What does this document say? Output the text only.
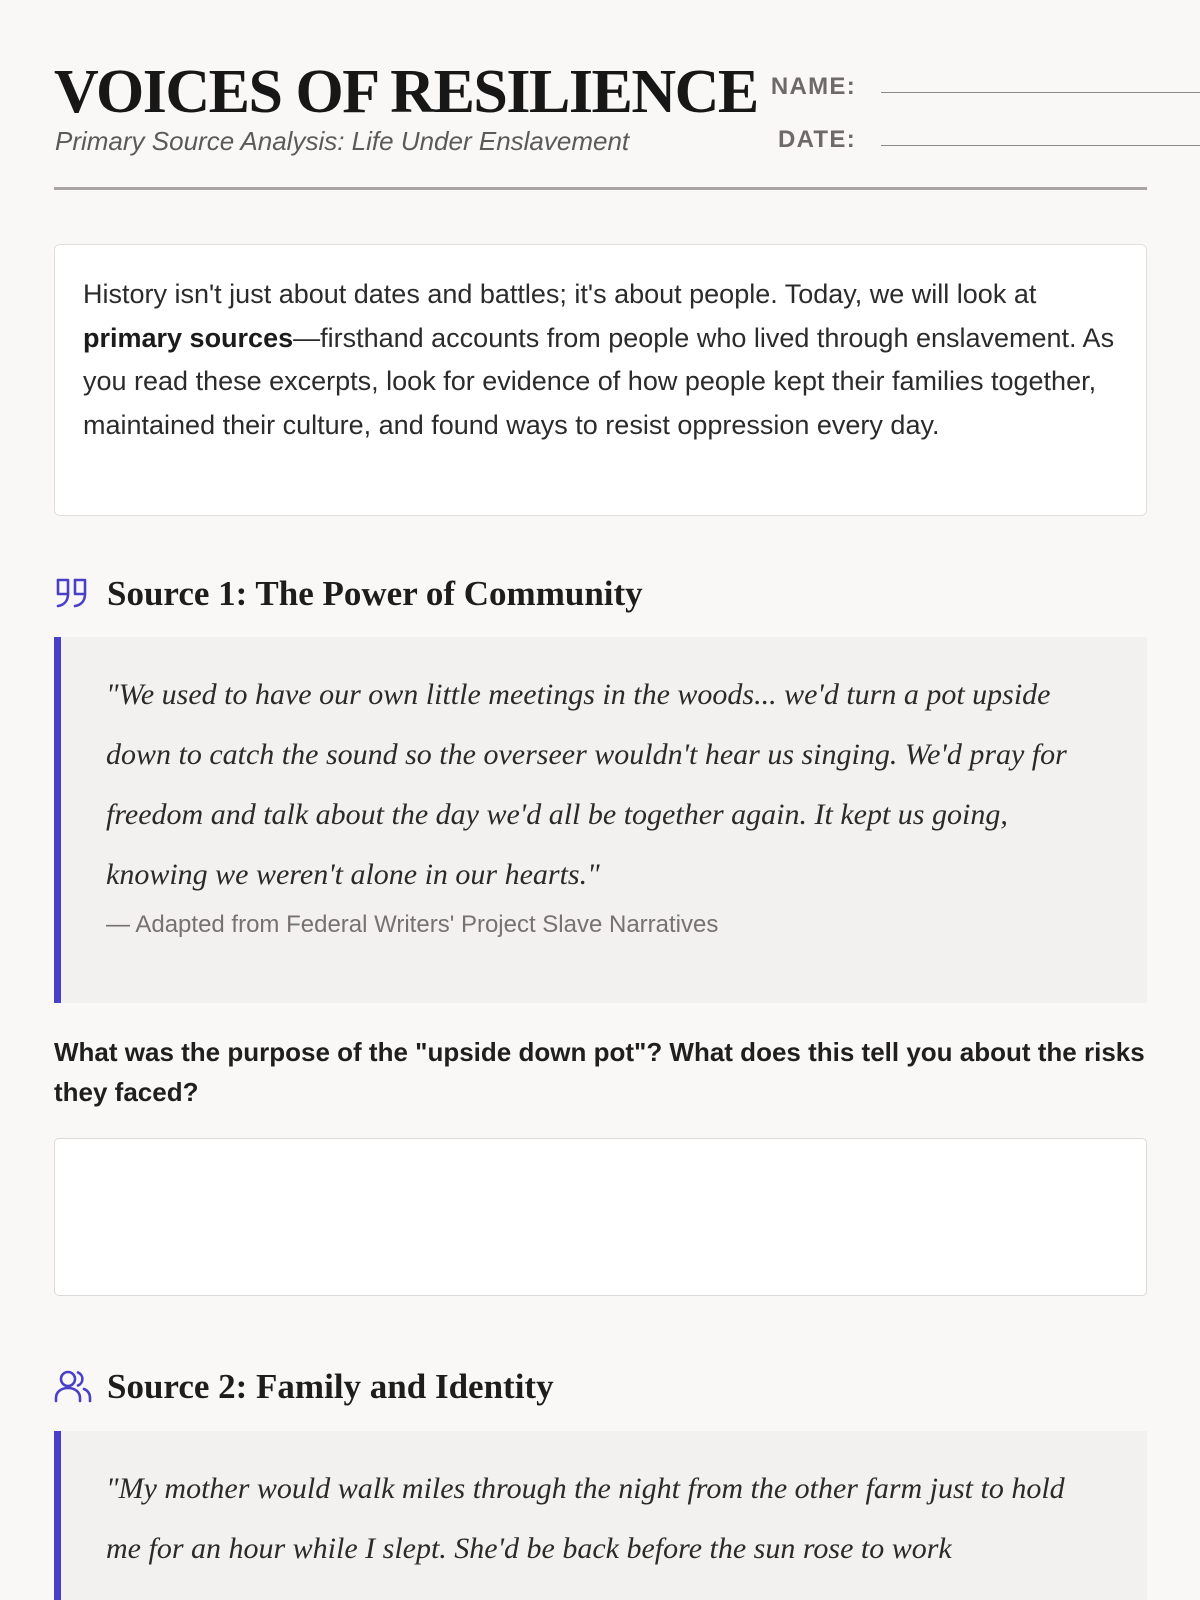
VOICES OF RESILIENCE
Primary Source Analysis: Life Under Enslavement
NAME:
DATE:

History isn't just about dates and battles; it's about people. Today, we will look at primary sources—firsthand accounts from people who lived through enslavement. As you read these excerpts, look for evidence of how people kept their families together, maintained their culture, and found ways to resist oppression every day.

Source 1: The Power of Community

"We used to have our own little meetings in the woods... we'd turn a pot upside down to catch the sound so the overseer wouldn't hear us singing. We'd pray for freedom and talk about the day we'd all be together again. It kept us going, knowing we weren't alone in our hearts."

— Adapted from Federal Writers' Project Slave Narratives

What was the purpose of the "upside down pot"? What does this tell you about the risks they faced?

Source 2: Family and Identity

"My mother would walk miles through the night from the other farm just to hold me for an hour while I slept. She'd be back before the sun rose to work
